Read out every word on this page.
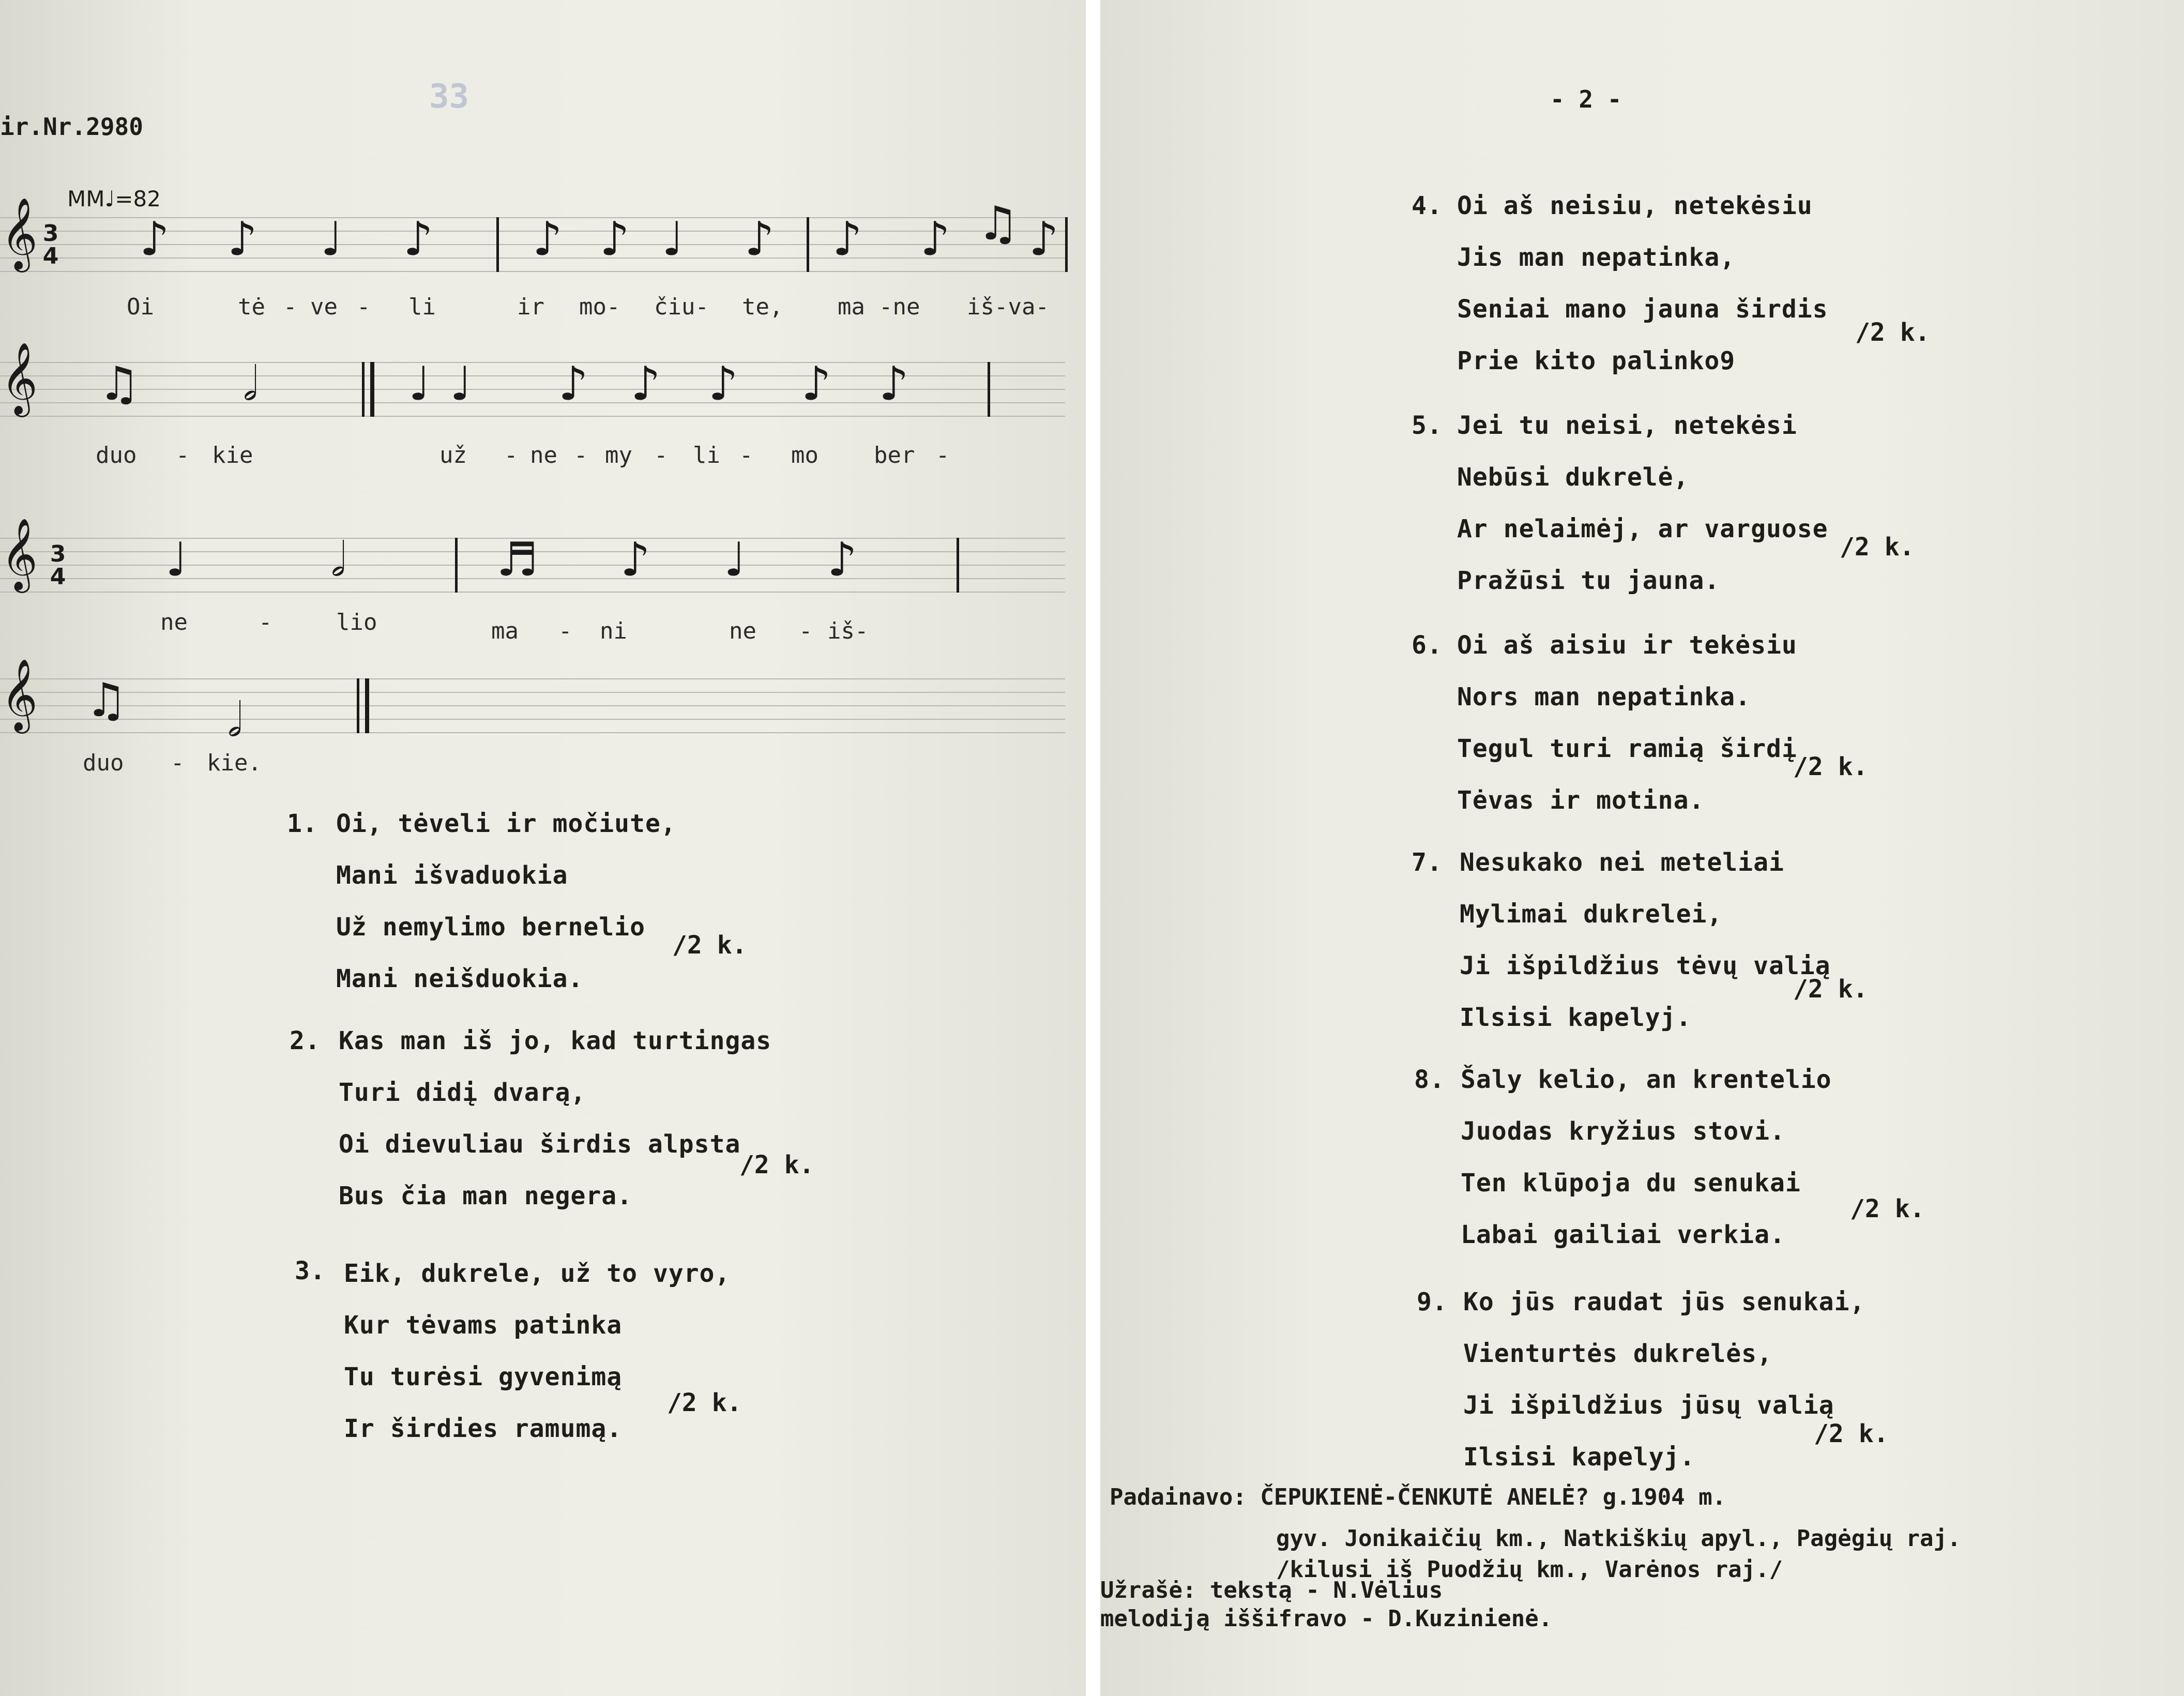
33
ir.Nr.2980
MM♩=82
𝄞 3
4 ♪ ♪ ♩ ♪ ♪ ♪ ♩ ♪ ♪ ♪ ♫ ♪
Oi	tė - ve - li	ir mo- čiu- te, ma -ne iš-va-
𝄞 ♫ 𝅗𝅥	♩ ♩ ♪ ♪ ♪ ♪ ♪
duo - kie	už - ne - my - li - mo ber -
𝄞 3
4 ♩	𝅗𝅥	♬ ♪ ♩ ♪
ne	-	lio	ma - ni	ne - iš-
𝄞 ♫ 𝅗𝅥
duo - kie.
1. Oi, tėveli ir močiute,
Mani išvaduokia
Už nemylimo bernelio
Mani neišduokia.
/2 k.
2. Kas man iš jo, kad turtingas
Turi didį dvarą,
Oi dievuliau širdis alpsta
Bus čia man negera.
/2 k.
3. Eik, dukrele, už to vyro,
Kur tėvams patinka
Tu turėsi gyvenimą
Ir širdies ramumą.
/2 k.
- 2 -
4. Oi aš neisiu, netekėsiu
Jis man nepatinka,
Seniai mano jauna širdis
Prie kito palinko9
/2 k.
5. Jei tu neisi, netekėsi
Nebūsi dukrelė,
Ar nelaimėj, ar varguose
Pražūsi tu jauna.
/2 k.
6. Oi aš aisiu ir tekėsiu
Nors man nepatinka.
Tegul turi ramią širdį
Tėvas ir motina.
/2 k.
7. Nesukako nei meteliai
Mylimai dukrelei,
Ji išpildžius tėvų valią
Ilsisi kapelyj.
/2 k.
8. Šaly kelio, an krentelio
Juodas kryžius stovi.
Ten klūpoja du senukai
Labai gailiai verkia.
/2 k.
9. Ko jūs raudat jūs senukai,
Vienturtės dukrelės,
Ji išpildžius jūsų valią
Ilsisi kapelyj.
/2 k.
Padainavo: ČEPUKIENĖ-ČENKUTĖ ANELĖ? g.1904 m.
gyv. Jonikaičių km., Natkiškių apyl., Pagėgių raj.
/kilusi iš Puodžių km., Varėnos raj./
Užrašė: tekstą - N.Vėlius
melodiją iššifravo - D.Kuzinienė.
